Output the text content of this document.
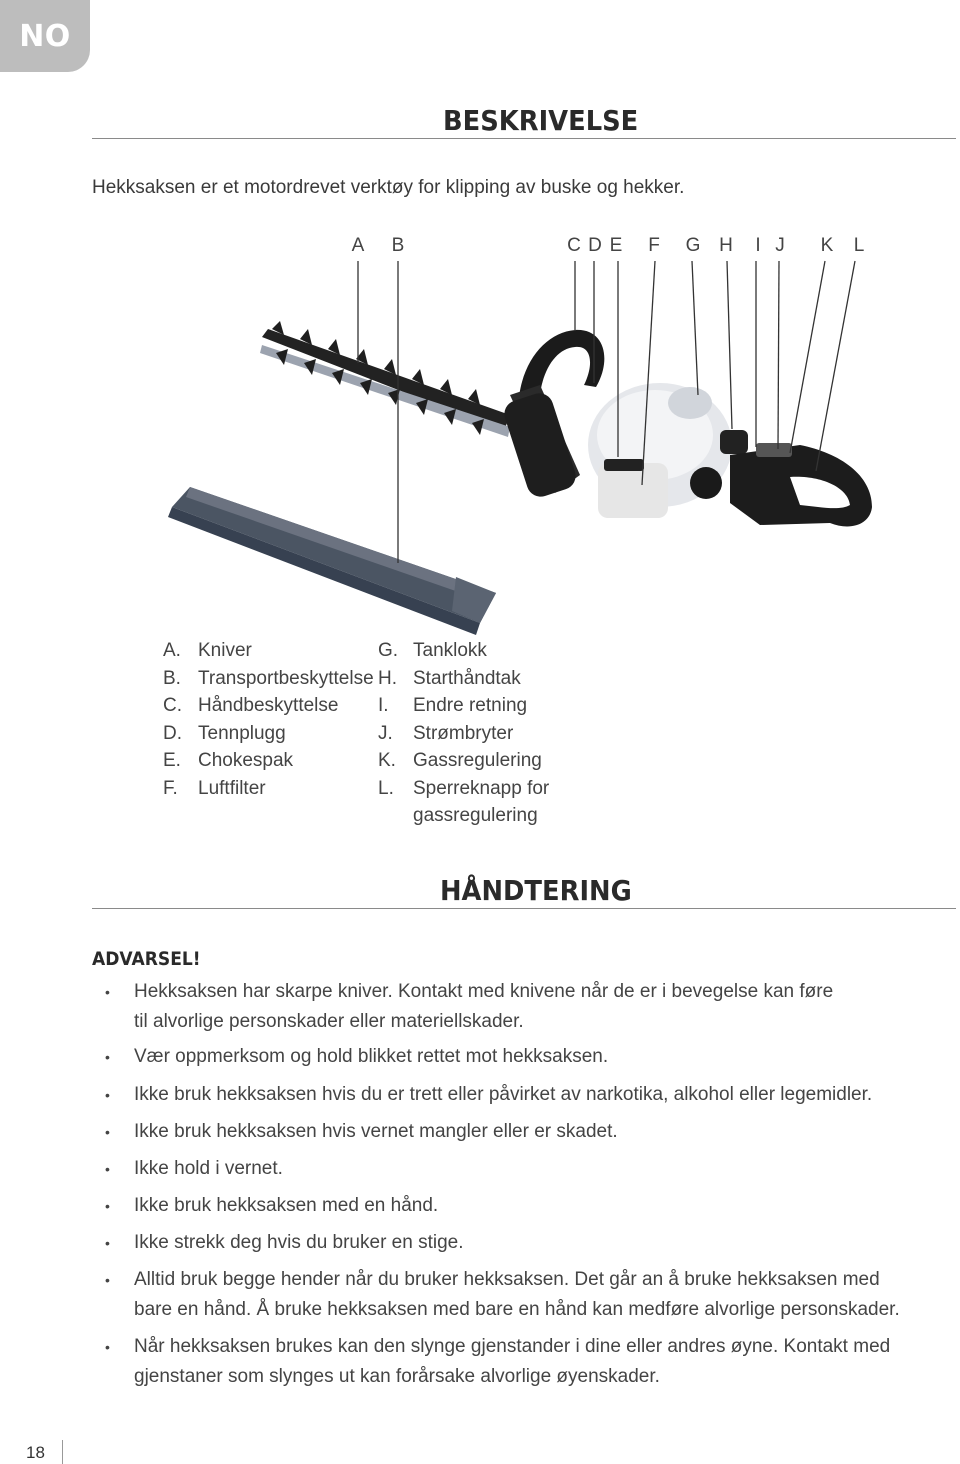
NO
BESKRIVELSE
Hekksaksen er et motordrevet verktøy for klipping av buske og hekker.
A B	C D E F G H I J K L
A. Kniver
B. Transportbeskyttelse
C. Håndbeskyttelse
D. Tennplugg
E. Chokespak
F.	Luftfilter
G. Tanklokk
H. Starthåndtak
I.	Endre retning
J.	Strømbryter
K. Gassregulering
L.	Sperreknapp for
gassregulering
HÅNDTERING
ADVARSEL!
• Hekksaksen har skarpe kniver. Kontakt med knivene når de er i bevegelse kan føre
til alvorlige personskader eller materiellskader.
• Vær oppmerksom og hold blikket rettet mot hekksaksen.
• Ikke bruk hekksaksen hvis du er trett eller påvirket av narkotika, alkohol eller legemidler.
• Ikke bruk hekksaksen hvis vernet mangler eller er skadet.
• Ikke hold i vernet.
• Ikke bruk hekksaksen med en hånd.
• Ikke strekk deg hvis du bruker en stige.
• Alltid bruk begge hender når du bruker hekksaksen. Det går an å bruke hekksaksen med
bare en hånd. Å bruke hekksaksen med bare en hånd kan medføre alvorlige personskader.
• Når hekksaksen brukes kan den slynge gjenstander i dine eller andres øyne. Kontakt med
gjenstaner som slynges ut kan forårsake alvorlige øyenskader.
18
